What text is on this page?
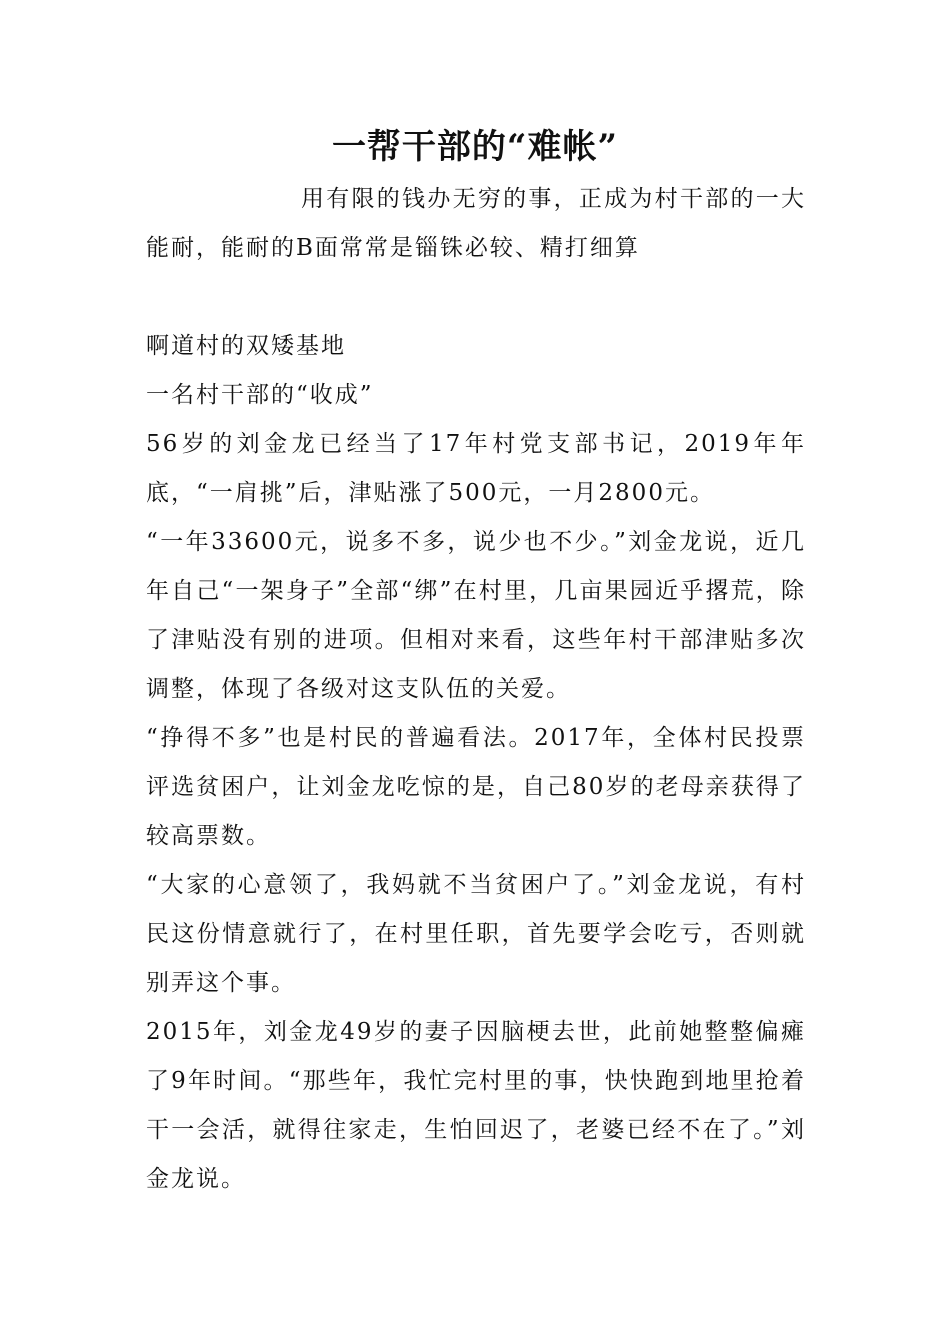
一帮干部的“难帐”

用有限的钱办无穷的事，正成为村干部的一大能耐，能耐的B面常常是锱铢必较、精打细算

啊道村的双矮基地

一名村干部的“收成”

56岁的刘金龙已经当了17年村党支部书记，2019年年底，“一肩挑”后，津贴涨了500元，一月2800元。

“一年33600元，说多不多，说少也不少。”刘金龙说，近几年自己“一架身子”全部“绑”在村里，几亩果园近乎撂荒，除了津贴没有别的进项。但相对来看，这些年村干部津贴多次调整，体现了各级对这支队伍的关爱。

“挣得不多”也是村民的普遍看法。2017年，全体村民投票评选贫困户，让刘金龙吃惊的是，自己80岁的老母亲获得了较高票数。

“大家的心意领了，我妈就不当贫困户了。”刘金龙说，有村民这份情意就行了，在村里任职，首先要学会吃亏，否则就别弄这个事。

2015年，刘金龙49岁的妻子因脑梗去世，此前她整整偏瘫了9年时间。“那些年，我忙完村里的事，快快跑到地里抢着干一会活，就得往家走，生怕回迟了，老婆已经不在了。”刘金龙说。
